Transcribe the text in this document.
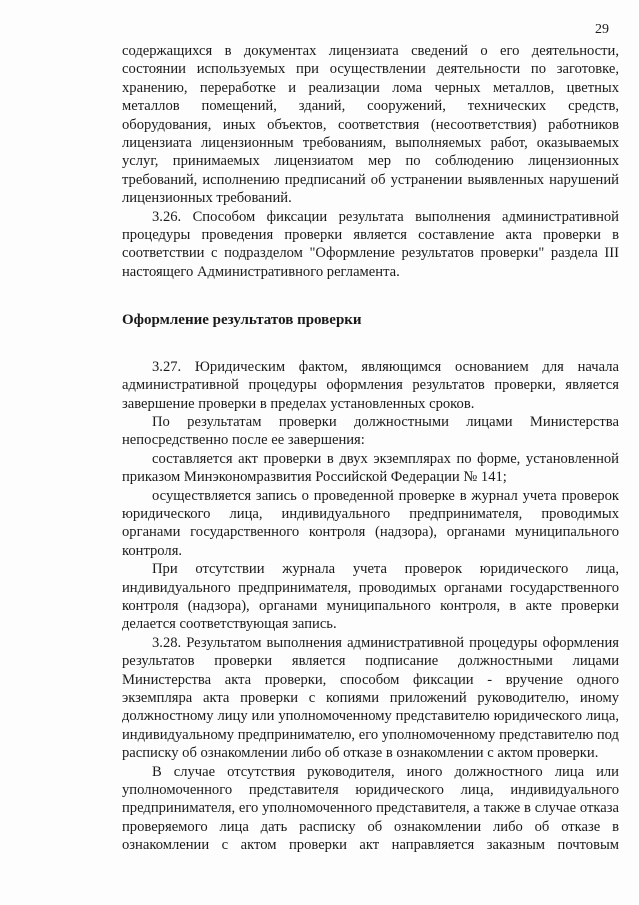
29

содержащихся в документах лицензиата сведений о его деятельности, состоянии используемых при осуществлении деятельности по заготовке, хранению, переработке и реализации лома черных металлов, цветных металлов помещений, зданий, сооружений, технических средств, оборудования, иных объектов, соответствия (несоответствия) работников лицензиата лицензионным требованиям, выполняемых работ, оказываемых услуг, принимаемых лицензиатом мер по соблюдению лицензионных требований, исполнению предписаний об устранении выявленных нарушений лицензионных требований.

3.26. Способом фиксации результата выполнения административной процедуры проведения проверки является составление акта проверки в соответствии с подразделом "Оформление результатов проверки" раздела III настоящего Административного регламента.

Оформление результатов проверки

3.27. Юридическим фактом, являющимся основанием для начала административной процедуры оформления результатов проверки, является завершение проверки в пределах установленных сроков.

По результатам проверки должностными лицами Министерства непосредственно после ее завершения:

составляется акт проверки в двух экземплярах по форме, установленной приказом Минэкономразвития Российской Федерации № 141;

осуществляется запись о проведенной проверке в журнал учета проверок юридического лица, индивидуального предпринимателя, проводимых органами государственного контроля (надзора), органами муниципального контроля.

При отсутствии журнала учета проверок юридического лица, индивидуального предпринимателя, проводимых органами государственного контроля (надзора), органами муниципального контроля, в акте проверки делается соответствующая запись.

3.28. Результатом выполнения административной процедуры оформления результатов проверки является подписание должностными лицами Министерства акта проверки, способом фиксации - вручение одного экземпляра акта проверки с копиями приложений руководителю, иному должностному лицу или уполномоченному представителю юридического лица, индивидуальному предпринимателю, его уполномоченному представителю под расписку об ознакомлении либо об отказе в ознакомлении с актом проверки.

В случае отсутствия руководителя, иного должностного лица или уполномоченного представителя юридического лица, индивидуального предпринимателя, его уполномоченного представителя, а также в случае отказа проверяемого лица дать расписку об ознакомлении либо об отказе в ознакомлении с актом проверки акт направляется заказным почтовым
